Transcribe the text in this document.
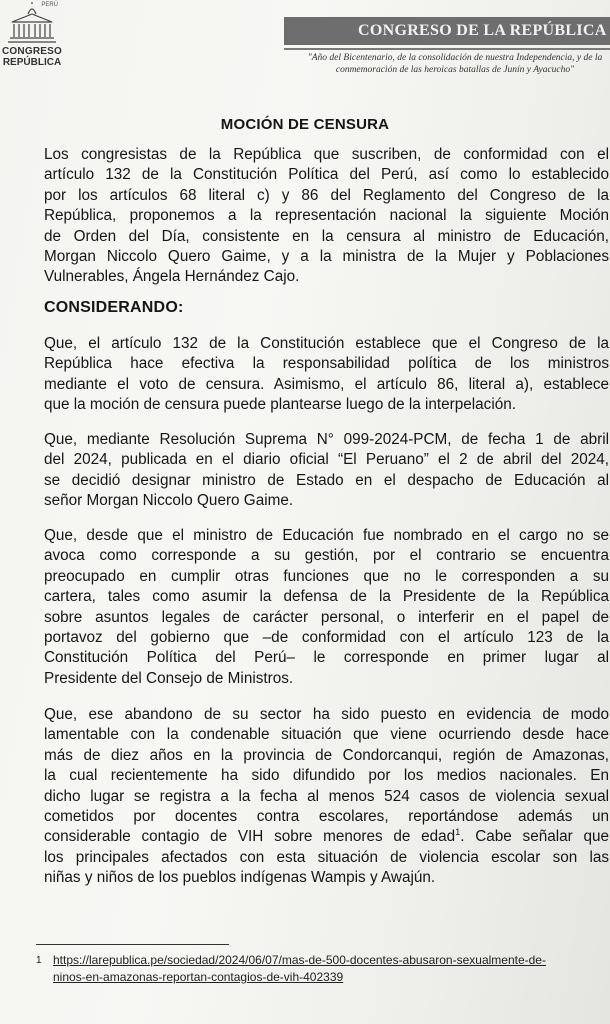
PERÚ
CONGRESO
REPÚBLICA
CONGRESO DE LA REPÚBLICA
"Año del Bicentenario, de la consolidación de nuestra Independencia, y de la
conmemoración de las heroicas batallas de Junín y Ayacucho"
MOCIÓN DE CENSURA
Los congresistas de la República que suscriben, de conformidad con el
artículo 132 de la Constitución Política del Perú, así como lo establecido
por los artículos 68 literal c) y 86 del Reglamento del Congreso de la
República, proponemos a la representación nacional la siguiente Moción
de Orden del Día, consistente en la censura al ministro de Educación,
Morgan Niccolo Quero Gaime, y a la ministra de la Mujer y Poblaciones
Vulnerables, Ángela Hernández Cajo.
CONSIDERANDO:
Que, el artículo 132 de la Constitución establece que el Congreso de la
República hace efectiva la responsabilidad política de los ministros
mediante el voto de censura. Asimismo, el artículo 86, literal a), establece
que la moción de censura puede plantearse luego de la interpelación.
Que, mediante Resolución Suprema N° 099-2024-PCM, de fecha 1 de abril
del 2024, publicada en el diario oficial “El Peruano” el 2 de abril del 2024,
se decidió designar ministro de Estado en el despacho de Educación al
señor Morgan Niccolo Quero Gaime.
Que, desde que el ministro de Educación fue nombrado en el cargo no se
avoca como corresponde a su gestión, por el contrario se encuentra
preocupado en cumplir otras funciones que no le corresponden a su
cartera, tales como asumir la defensa de la Presidente de la República
sobre asuntos legales de carácter personal, o interferir en el papel de
portavoz del gobierno que –de conformidad con el artículo 123 de la
Constitución Política del Perú– le corresponde en primer lugar al
Presidente del Consejo de Ministros.
Que, ese abandono de su sector ha sido puesto en evidencia de modo
lamentable con la condenable situación que viene ocurriendo desde hace
más de diez años en la provincia de Condorcanqui, región de Amazonas,
la cual recientemente ha sido difundido por los medios nacionales. En
dicho lugar se registra a la fecha al menos 524 casos de violencia sexual
cometidos por docentes contra escolares, reportándose además un
considerable contagio de VIH sobre menores de edad$^1$. Cabe señalar que
los principales afectados con esta situación de violencia escolar son las
niñas y niños de los pueblos indígenas Wampis y Awajún.
1 https://larepublica.pe/sociedad/2024/06/07/mas-de-500-docentes-abusaron-sexualmente-de-
ninos-en-amazonas-reportan-contagios-de-vih-402339
